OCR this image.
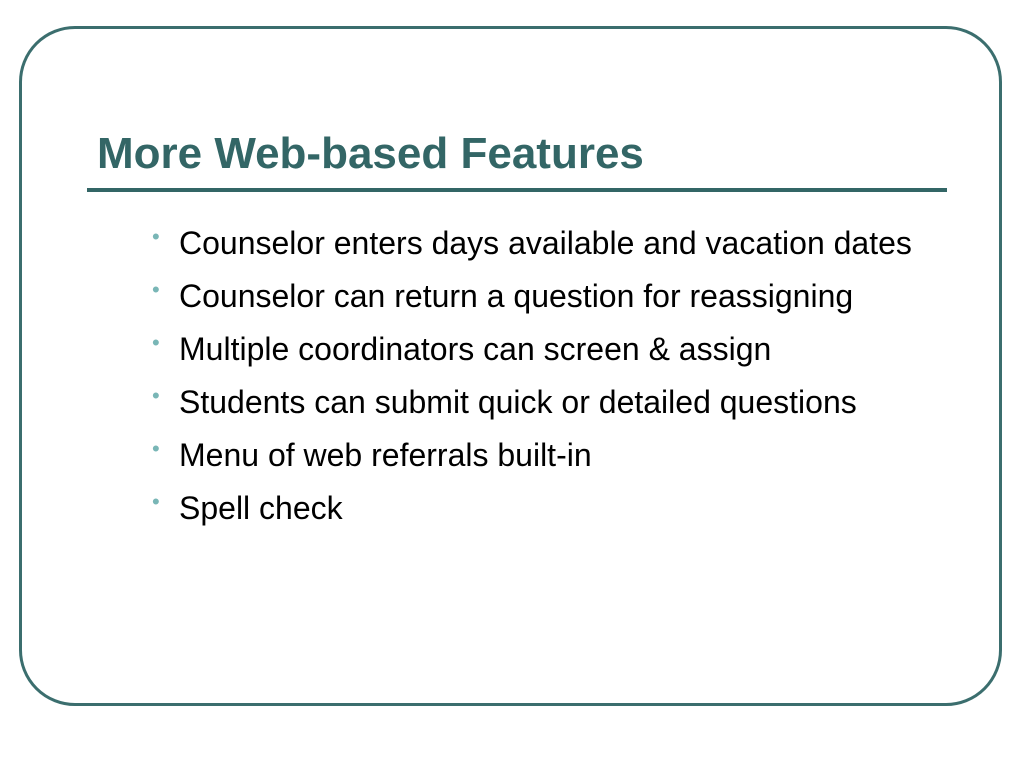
More Web-based Features
• Counselor enters days available and vacation dates
• Counselor can return a question for reassigning
• Multiple coordinators can screen & assign
• Students can submit quick or detailed questions
• Menu of web referrals built-in
• Spell check
